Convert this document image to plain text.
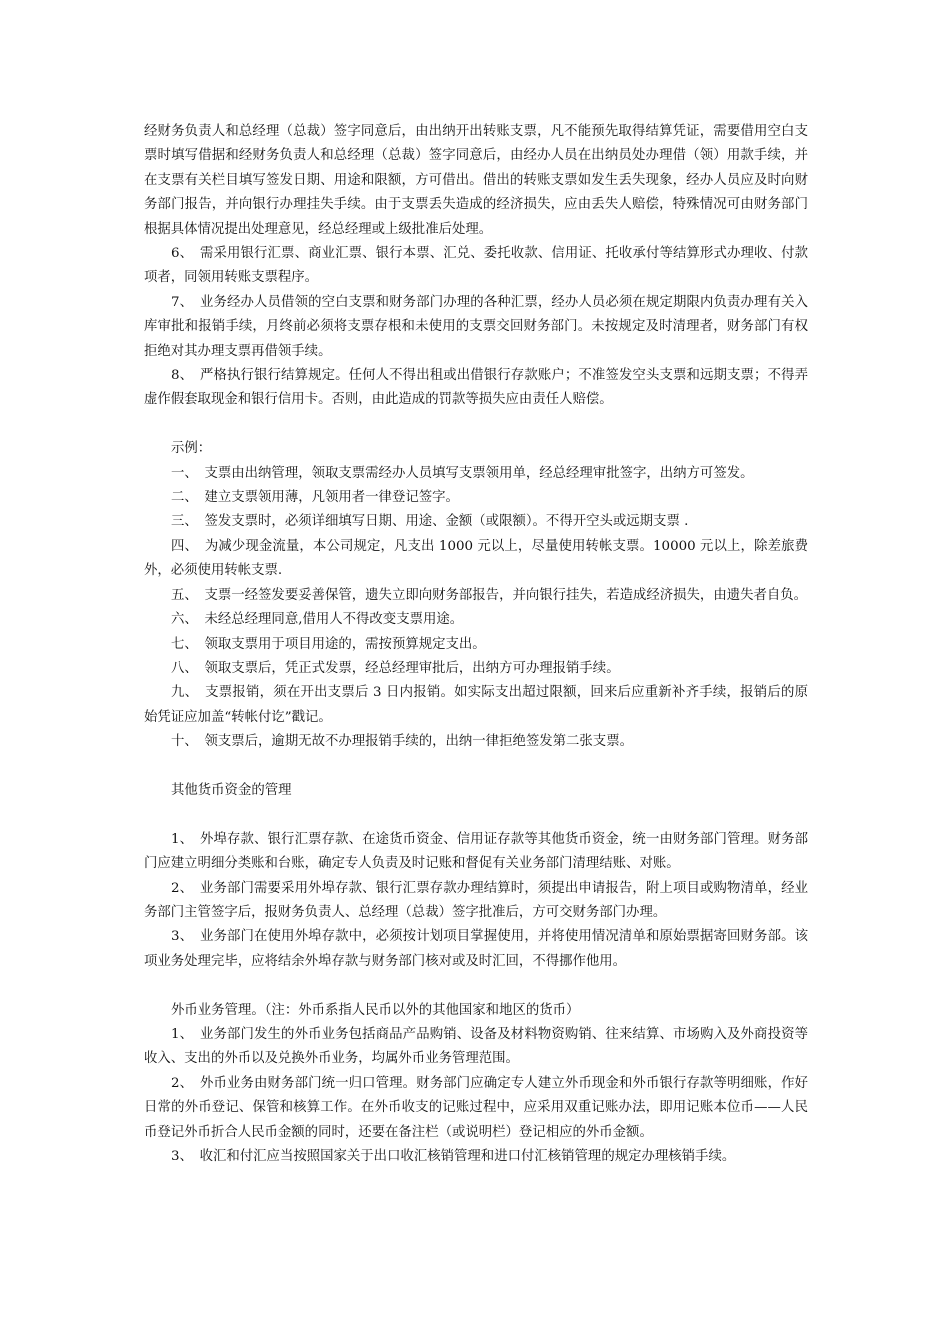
经财务负责人和总经理（总裁）签字同意后，由出纳开出转账支票，凡不能预先取得结算凭证，需要借用空白支票时填写借据和经财务负责人和总经理（总裁）签字同意后，由经办人员在出纳员处办理借（领）用款手续，并在支票有关栏目填写签发日期、用途和限额，方可借出。借出的转账支票如发生丢失现象，经办人员应及时向财务部门报告，并向银行办理挂失手续。由于支票丢失造成的经济损失，应由丢失人赔偿，特殊情况可由财务部门根据具体情况提出处理意见，经总经理或上级批准后处理。

6、　需采用银行汇票、商业汇票、银行本票、汇兑、委托收款、信用证、托收承付等结算形式办理收、付款项者，同领用转账支票程序。

7、　业务经办人员借领的空白支票和财务部门办理的各种汇票，经办人员必须在规定期限内负责办理有关入库审批和报销手续，月终前必须将支票存根和未使用的支票交回财务部门。未按规定及时清理者，财务部门有权拒绝对其办理支票再借领手续。

8、　严格执行银行结算规定。任何人不得出租或出借银行存款账户；不准签发空头支票和远期支票；不得弄虚作假套取现金和银行信用卡。否则，由此造成的罚款等损失应由责任人赔偿。

示例：

一、　支票由出纳管理，领取支票需经办人员填写支票领用单，经总经理审批签字，出纳方可签发。

二、　建立支票领用薄，凡领用者一律登记签字。

三、　签发支票时，必须详细填写日期、用途、金额（或限额）。不得开空头或远期支票 .

四、　为减少现金流量，本公司规定，凡支出 1000 元以上，尽量使用转帐支票。10000 元以上，除差旅费外，必须使用转帐支票.

五、　支票一经签发要妥善保管，遗失立即向财务部报告，并向银行挂失，若造成经济损失，由遗失者自负。

六、　未经总经理同意,借用人不得改变支票用途。

七、　领取支票用于项目用途的，需按预算规定支出。

八、　领取支票后，凭正式发票，经总经理审批后，出纳方可办理报销手续。

九、　支票报销，须在开出支票后 3 日内报销。如实际支出超过限额，回来后应重新补齐手续，报销后的原始凭证应加盖“转帐付讫”戳记。

十、　领支票后，逾期无故不办理报销手续的，出纳一律拒绝签发第二张支票。

其他货币资金的管理

1、　外埠存款、银行汇票存款、在途货币资金、信用证存款等其他货币资金，统一由财务部门管理。财务部门应建立明细分类账和台账，确定专人负责及时记账和督促有关业务部门清理结账、对账。

2、　业务部门需要采用外埠存款、银行汇票存款办理结算时，须提出申请报告，附上项目或购物清单，经业务部门主管签字后，报财务负责人、总经理（总裁）签字批准后，方可交财务部门办理。

3、　业务部门在使用外埠存款中，必须按计划项目掌握使用，并将使用情况清单和原始票据寄回财务部。该项业务处理完毕，应将结余外埠存款与财务部门核对或及时汇回，不得挪作他用。

外币业务管理。（注：外币系指人民币以外的其他国家和地区的货币）

1、　业务部门发生的外币业务包括商品产品购销、设备及材料物资购销、往来结算、市场购入及外商投资等收入、支出的外币以及兑换外币业务，均属外币业务管理范围。

2、　外币业务由财务部门统一归口管理。财务部门应确定专人建立外币现金和外币银行存款等明细账，作好日常的外币登记、保管和核算工作。在外币收支的记账过程中，应采用双重记账办法，即用记账本位币——人民币登记外币折合人民币金额的同时，还要在备注栏（或说明栏）登记相应的外币金额。

3、　收汇和付汇应当按照国家关于出口收汇核销管理和进口付汇核销管理的规定办理核销手续。
